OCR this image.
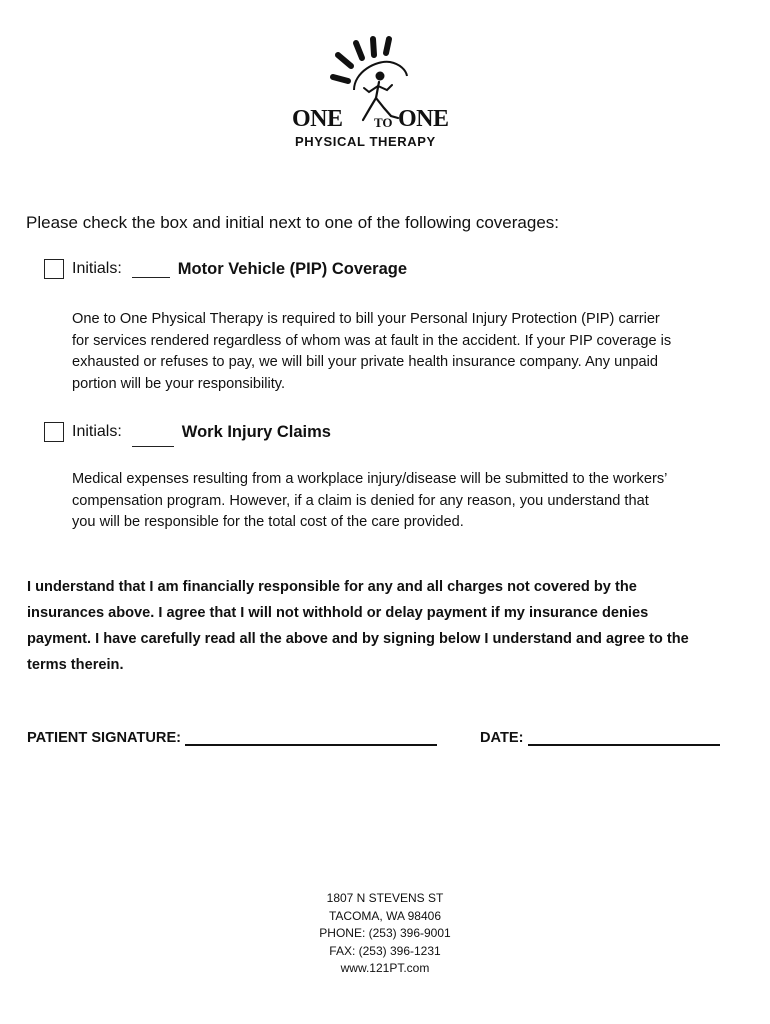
ONE TO ONE
PHYSICAL THERAPY
Please check the box and initial next to one of the following coverages:
Initials:	Motor Vehicle (PIP) Coverage
One to One Physical Therapy is required to bill your Personal Injury Protection (PIP) carrier
for services rendered regardless of whom was at fault in the accident. If your PIP coverage is
exhausted or refuses to pay, we will bill your private health insurance company. Any unpaid
portion will be your responsibility.
Initials:	Work Injury Claims
Medical expenses resulting from a workplace injury/disease will be submitted to the workers’
compensation program. However, if a claim is denied for any reason, you understand that
you will be responsible for the total cost of the care provided.
I understand that I am financially responsible for any and all charges not covered by the
insurances above. I agree that I will not withhold or delay payment if my insurance denies
payment. I have carefully read all the above and by signing below I understand and agree to the
terms therein.
PATIENT SIGNATURE:	DATE:
1807 N STEVENS ST
TACOMA, WA 98406
PHONE: (253) 396-9001
FAX: (253) 396-1231
www.121PT.com
